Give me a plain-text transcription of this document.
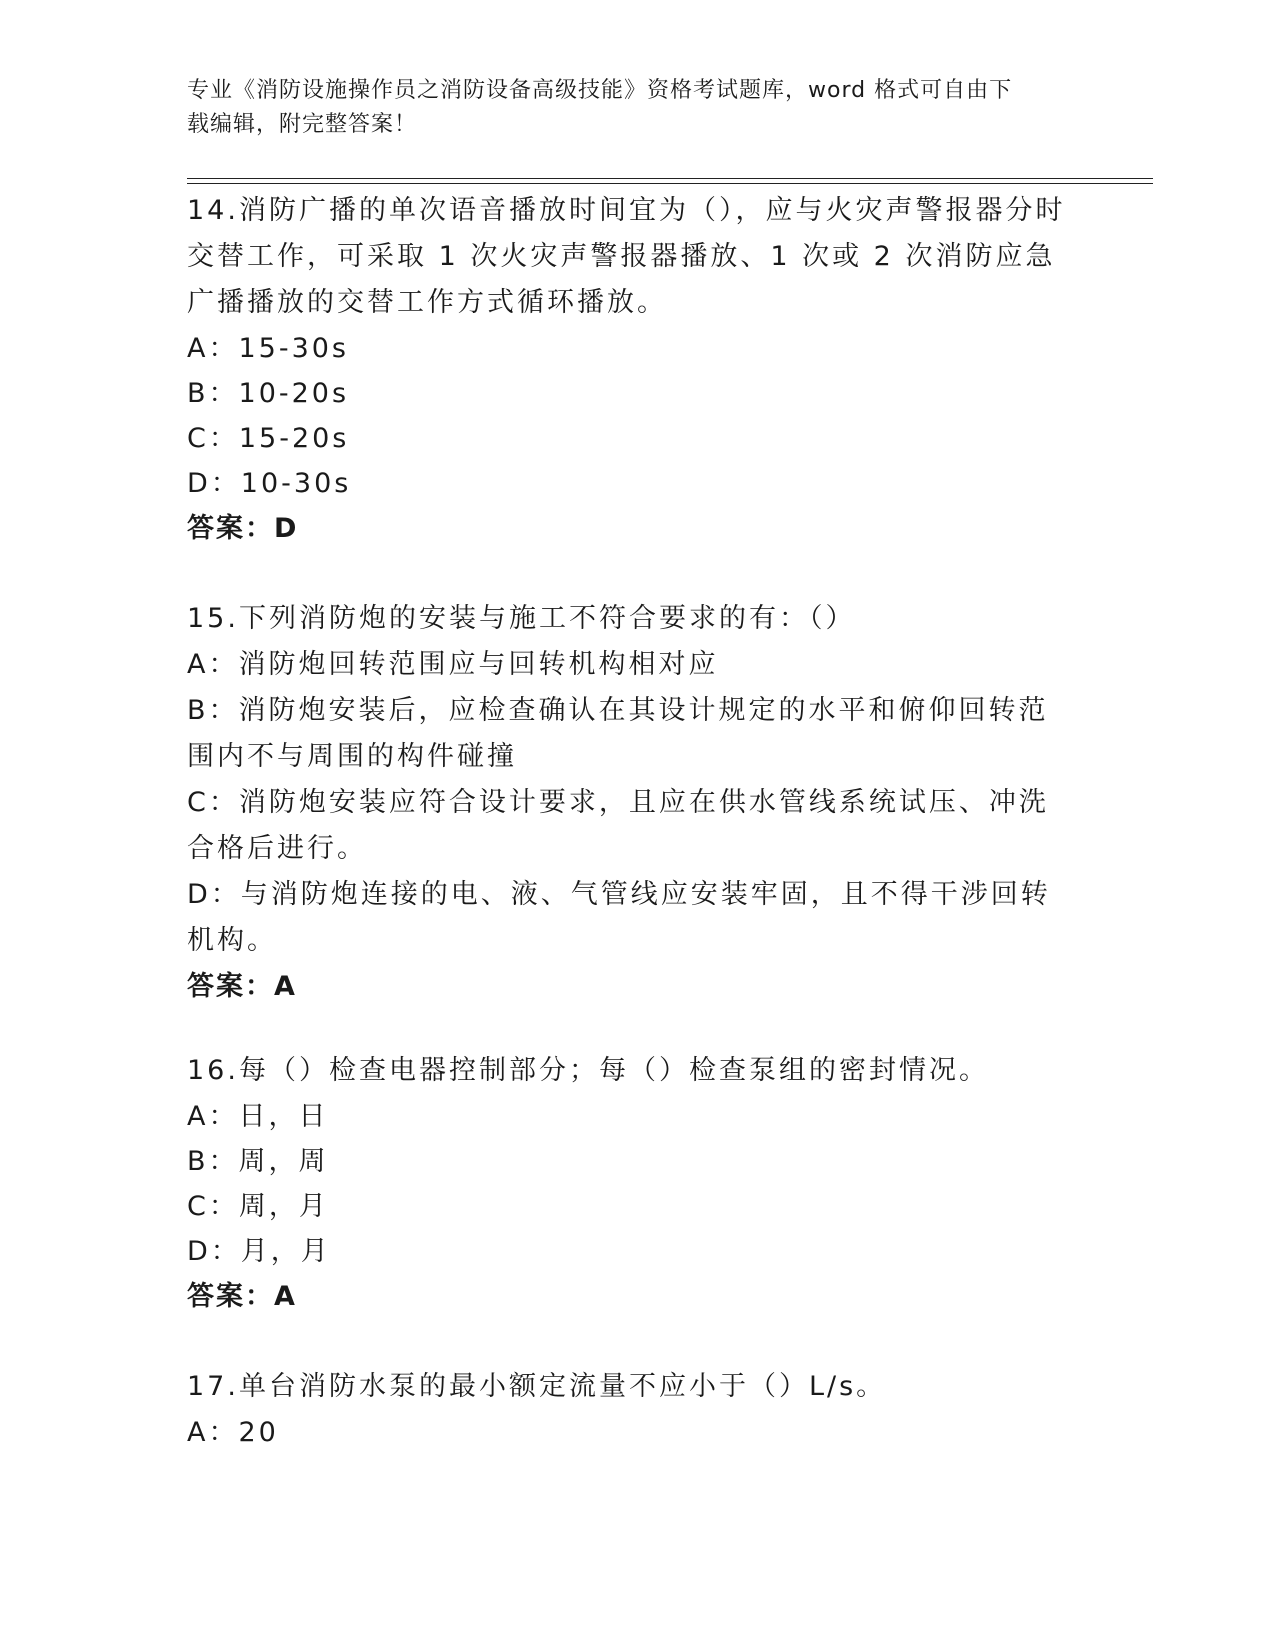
专业《消防设施操作员之消防设备高级技能》资格考试题库，word 格式可自由下
载编辑，附完整答案！
14.消防广播的单次语音播放时间宜为（），应与火灾声警报器分时交替工作，可采取 1 次火灾声警报器播放、1 次或 2 次消防应急广播播放的交替工作方式循环播放。
A：15-30s
B：10-20s
C：15-20s
D：10-30s
答案：D
15.下列消防炮的安装与施工不符合要求的有：（）
A：消防炮回转范围应与回转机构相对应
B：消防炮安装后，应检查确认在其设计规定的水平和俯仰回转范围内不与周围的构件碰撞
C：消防炮安装应符合设计要求，且应在供水管线系统试压、冲洗合格后进行。
D：与消防炮连接的电、液、气管线应安装牢固，且不得干涉回转机构。
答案：A
16.每（）检查电器控制部分；每（）检查泵组的密封情况。
A：日，日
B：周，周
C：周，月
D：月，月
答案：A
17.单台消防水泵的最小额定流量不应小于（）L/s。
A：20
